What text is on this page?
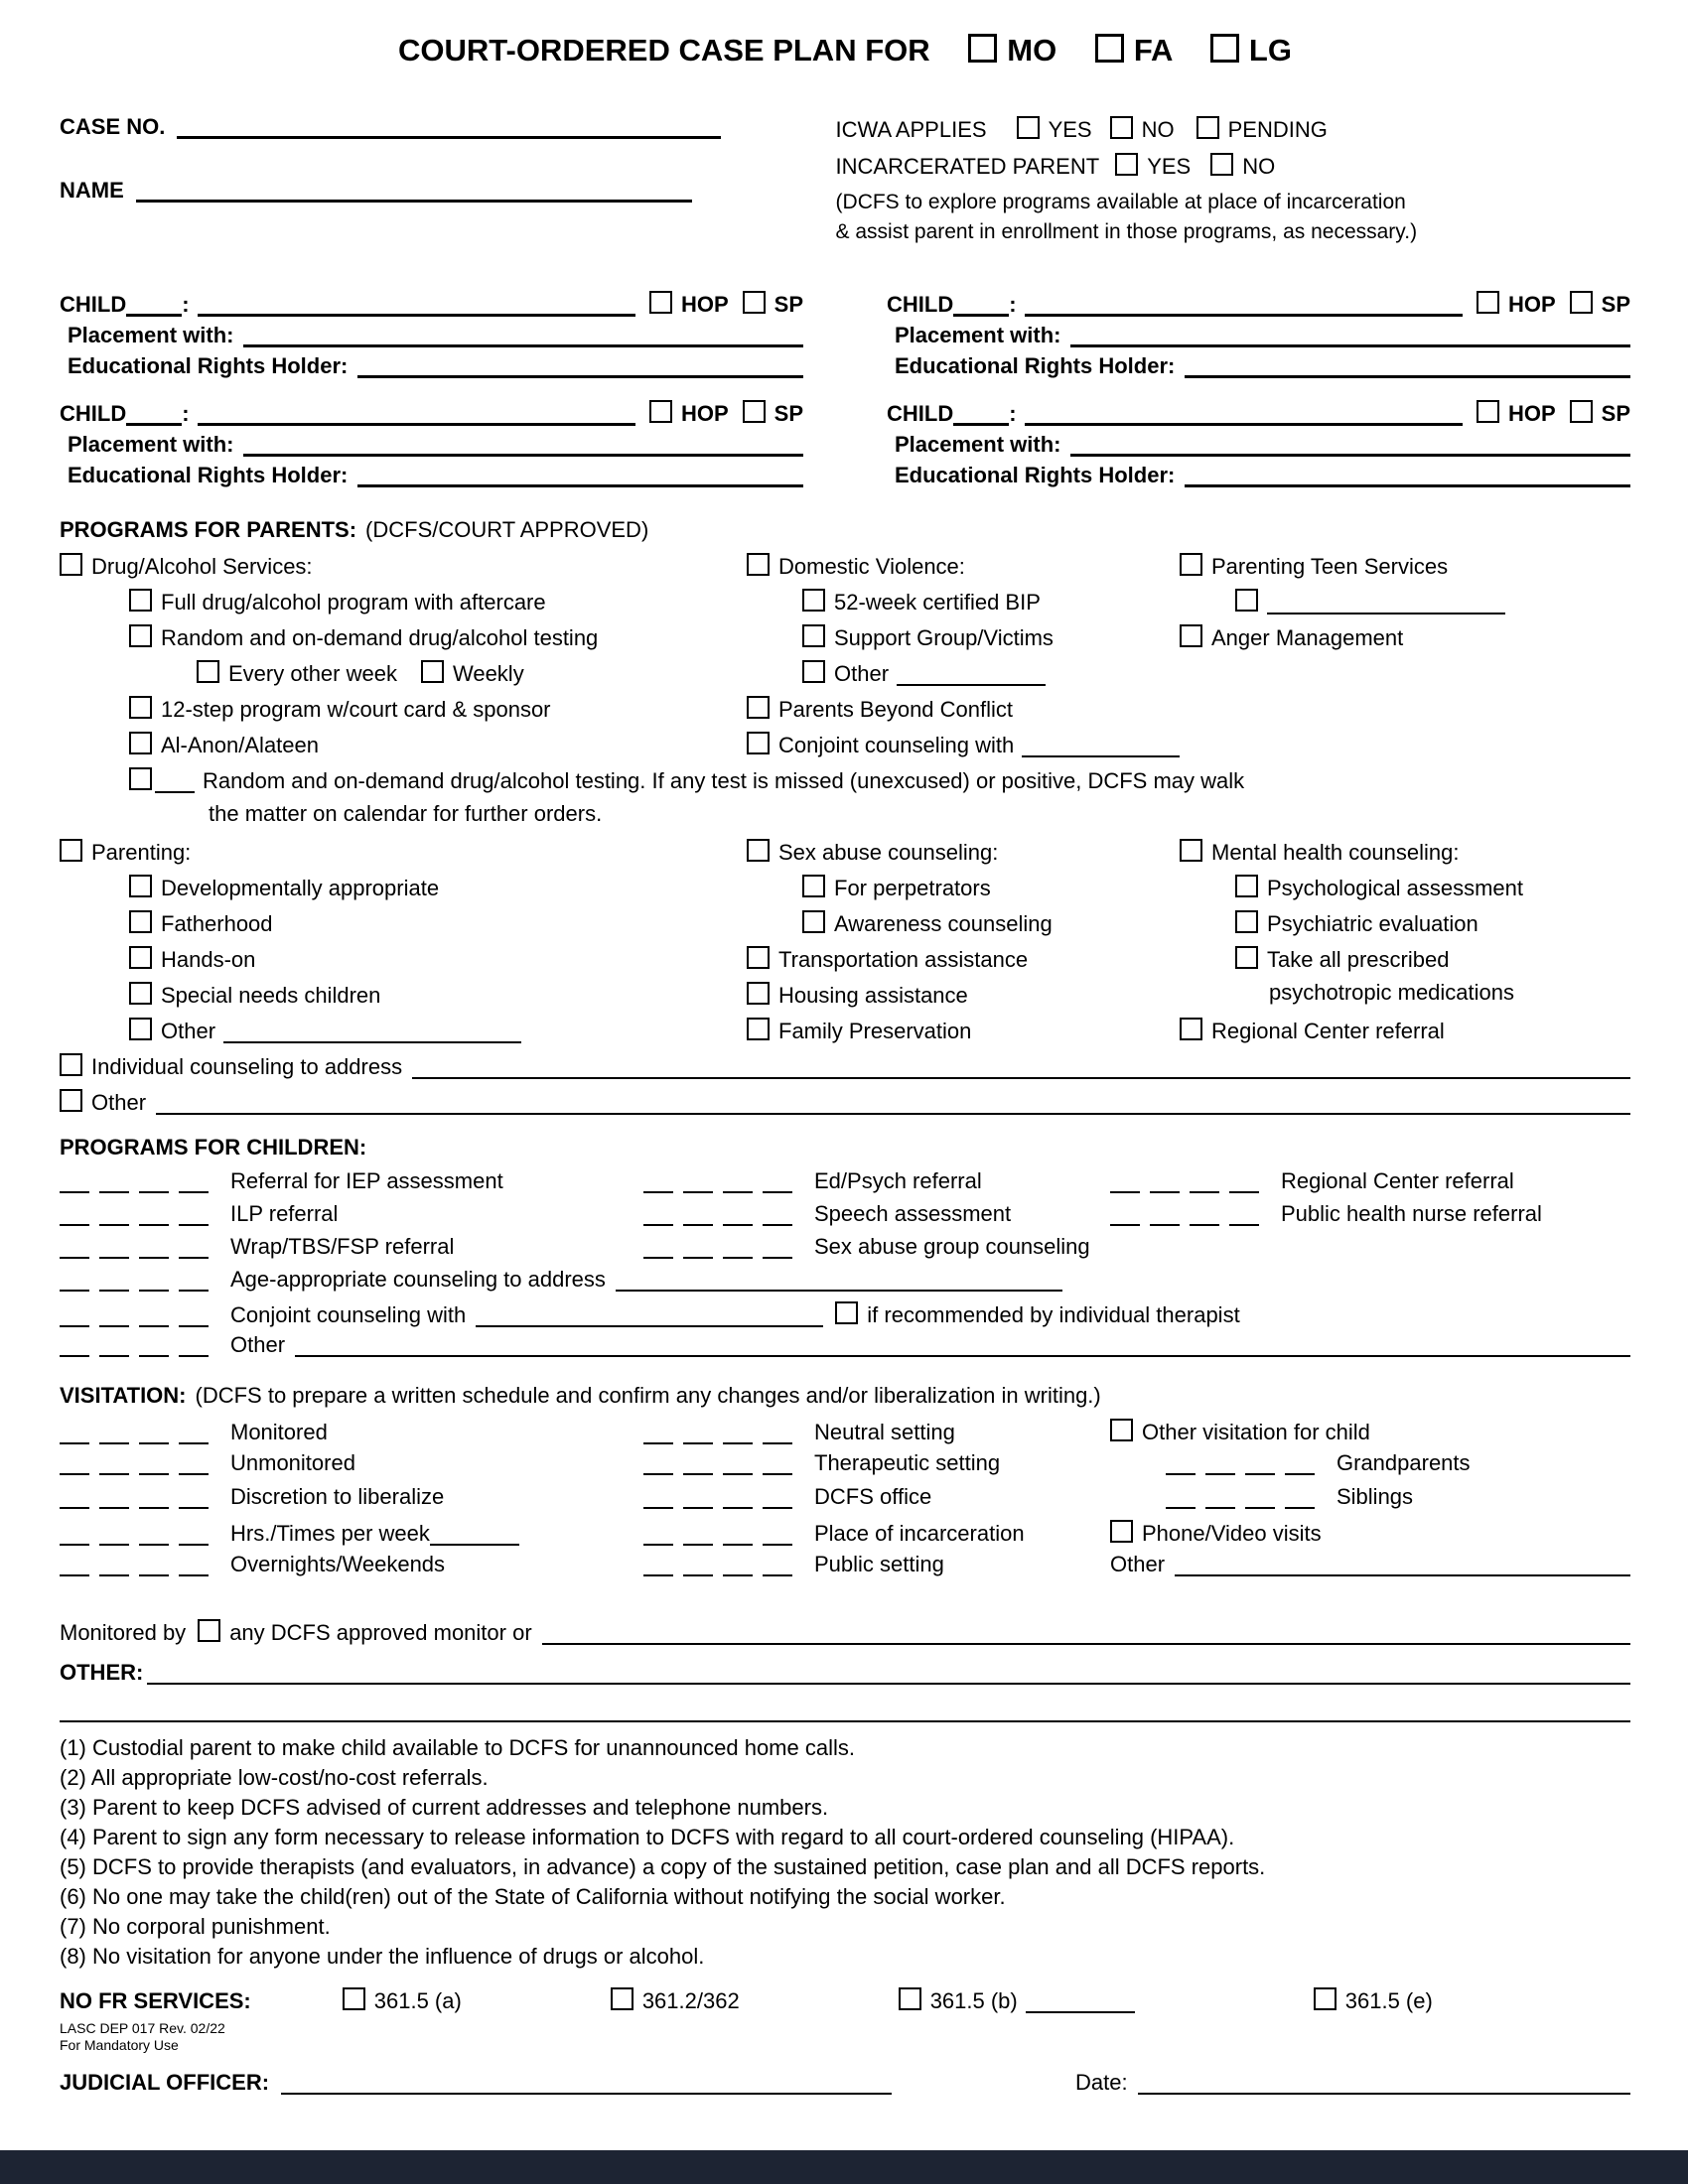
COURT-ORDERED CASE PLAN FOR	MO	FA	LG
CASE NO.
NAME
ICWA APPLIES	YES NO PENDING
INCARCERATED PARENT YES NO
(DCFS to explore programs available at place of incarceration
& assist parent in enrollment in those programs, as necessary.)
CHILD	:	HOP SP
Placement with:
Educational Rights Holder:
CHILD	:	HOP SP
Placement with:
Educational Rights Holder:
CHILD	:	HOP SP
Placement with:
Educational Rights Holder:
CHILD	:	HOP SP
Placement with:
Educational Rights Holder:
PROGRAMS FOR PARENTS: (DCFS/COURT APPROVED)
Drug/Alcohol Services:
Full drug/alcohol program with aftercare
Random and on-demand drug/alcohol testing
Every other week	Weekly
12-step program w/court card & sponsor
Al-Anon/Alateen
Domestic Violence:
52-week certified BIP
Support Group/Victims
Other
Parents Beyond Conflict
Conjoint counseling with
Parenting Teen Services
Anger Management
Random and on-demand drug/alcohol testing. If any test is missed (unexcused) or positive, DCFS may walk
the matter on calendar for further orders.
Parenting:
Developmentally appropriate
Fatherhood
Hands-on
Special needs children
Other
Sex abuse counseling:
For perpetrators
Awareness counseling
Transportation assistance
Housing assistance
Family Preservation
Mental health counseling:
Psychological assessment
Psychiatric evaluation
Take all prescribed
psychotropic medications
Regional Center referral
Individual counseling to address
Other
PROGRAMS FOR CHILDREN:
Referral for IEP assessment	Ed/Psych referral	Regional Center referral
ILP referral	Speech assessment	Public health nurse referral
Wrap/TBS/FSP referral	Sex abuse group counseling
Age-appropriate counseling to address
Conjoint counseling with	if recommended by individual therapist
Other
VISITATION: (DCFS to prepare a written schedule and confirm any changes and/or liberalization in writing.)
Monitored	Neutral setting	Other visitation for child
Unmonitored	Therapeutic setting	Grandparents
Discretion to liberalize	DCFS office	Siblings
Hrs./Times per week	Place of incarceration	Phone/Video visits
Overnights/Weekends	Public setting	Other
Monitored by any DCFS approved monitor or
OTHER:
(1) Custodial parent to make child available to DCFS for unannounced home calls.
(2) All appropriate low-cost/no-cost referrals.
(3) Parent to keep DCFS advised of current addresses and telephone numbers.
(4) Parent to sign any form necessary to release information to DCFS with regard to all court-ordered counseling (HIPAA).
(5) DCFS to provide therapists (and evaluators, in advance) a copy of the sustained petition, case plan and all DCFS reports.
(6) No one may take the child(ren) out of the State of California without notifying the social worker.
(7) No corporal punishment.
(8) No visitation for anyone under the influence of drugs or alcohol.
NO FR SERVICES:	361.5 (a)	361.2/362	361.5 (b)	361.5 (e)
JUDICIAL OFFICER:	Date:
LASC DEP 017 Rev. 02/22
For Mandatory Use
